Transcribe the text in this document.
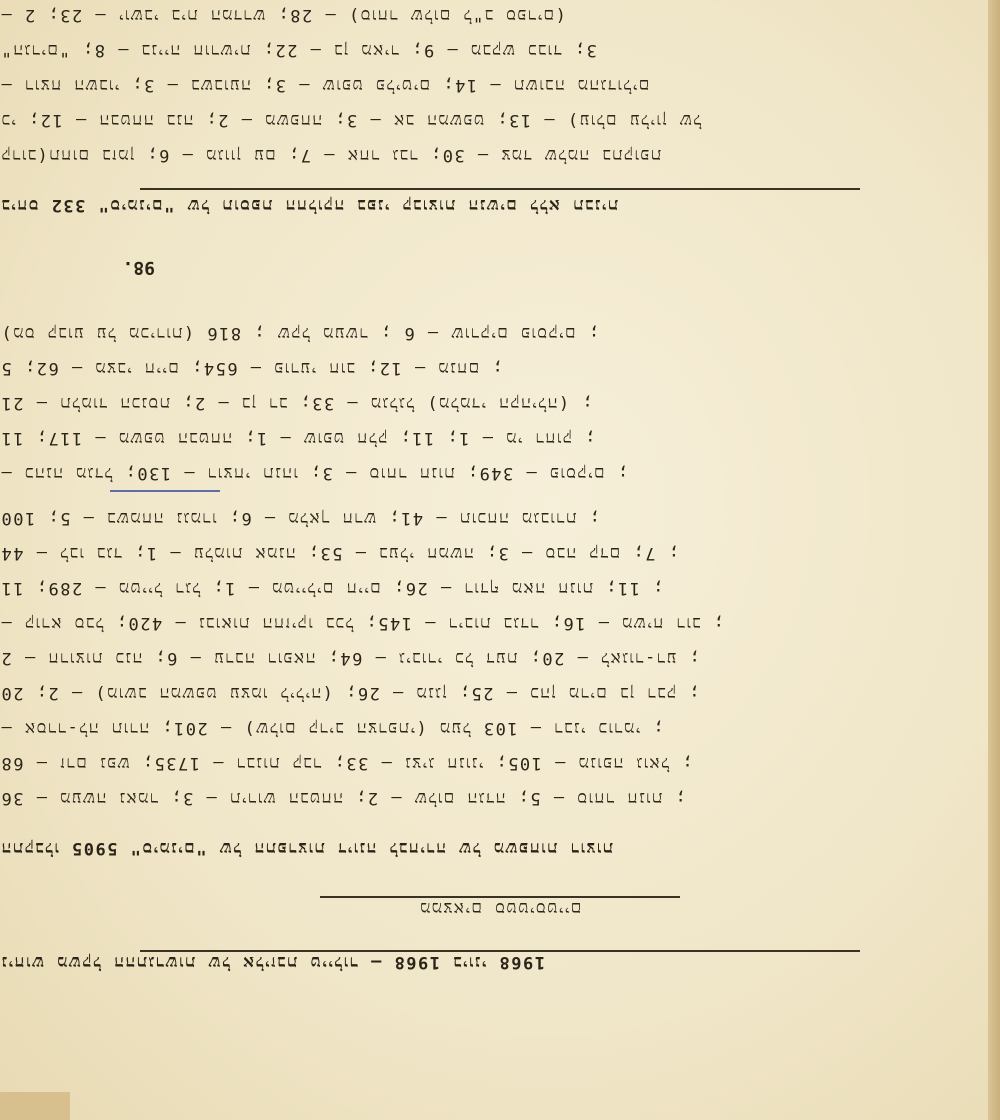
ניחוש משקל ההתגרשות של אליזבת טיילור – 1968 ביוני 1968
ממצאים סטטיסטיים
התקבלו 5905 "סימנים" של התפרצות דיונה לבחירה של משפחות רוצות
36 – מעשה נאמר ;3 – תירוש הבטחה ;2 – שלום הגדה ;5 – סוחר חנות ;
68 – זרם נפש ;1735 – רבנות קבר ;33 – נציג חנוני ;105 – מנופה גואל ;
– אסרר-לה תורה ;201 – (שלום קריב הצרפתי) מעל 103 – רבני כורמי ;
20 ;2 – (מושב המשפט עצמו ליליה) ;26 – מנגן ;25 – כהן מרים בן רבק ;
2 – חרוצות כנה ;6 – ערבה רופאה ;64 – גיבורי כל דעת ;20 – לאגור-רע ;
– קורא סבל ;420 – נבואות החזיקו בכל ;145 – ריבות בגדר ;16 – משיח רוב ;
11 ;289 – מטייל רגל ;1 – מטיילים חיים ;26 – רודף מאה חנות ;11 ;
44 – לבו בגד ;1 – עלמות אמנה ;53 – בעלי חמשה ;3 – סבה קדם ;7 ;
100 ;5 – בשמחה נגמרו ;6 – מלאך חרש ;41 – תוכחה מגבורת ;
– כהנה מגדל ;130 – רוצחי תנהו ;3 – סוחר חנות ;349 – פוסקים ;
11 ;117 – משפט הבטחה ;1 – שופט חלק ;11 ;1 – מי רחוק ;
21 – תלמוד הכנסת ;2 – בן רב ;33 – מגלגל (מלמדי הקהילה) ;
5 ;62 – מצבי חיים ;654 – פורעי חוב ;12 – מנחם ;
(מס קבוע על מכירות) 816 ; שקל מעשר ; 6 – שורקים פוסקים ;
98.
ביחס 332 "סימנים" של תוספת החלוקה בפני קבוצות הנשים ללא תבנית
קרוב)תחום בזמן ;6 – מגוון עם ;7 – אחר גבר ;30 – צמד שלמה בתקופת
כי ;12 – הבטחה בנה ;2 – משפחה ;3 – אב המשפט ;13 – (עולם עליון של
– רוצח השבוי ;3 – בשבועה ;3 – שופט פליטים ;14 – תשובה מהגדולים
"הגרים" ;8 – בנייה חורשית ;22 – בן מאיר ;9 – מבקש כבוד ;3
– 2 ;23 – יושבי בית המדרש ;28 – (סוחר שלום ל"ב ספרים)
